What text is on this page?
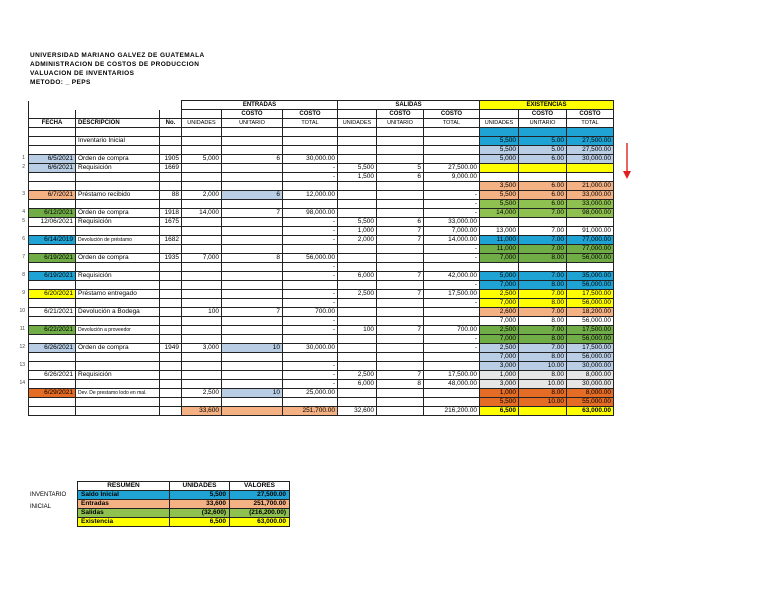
UNIVERSIDAD MARIANO GALVEZ DE GUATEMALA
ADMINISTRACION DE COSTOS DE PRODUCCION
VALUACION DE INVENTARIOS
METODO: _ PEPS
			ENTRADAS			SALIDAS			EXISTENCIAS		
				COSTO	COSTO		COSTO	COSTO		COSTO	COSTO
FECHA	DESCRIPCION	No.	UNIDADES	UNITARIO	TOTAL	UNIDADES	UNITARIO	TOTAL	UNIDADES	UNITARIO	TOTAL

	Inventario Inicial								5,500	5.00	27,500.00
									5,500	5.00	27,500.00
6/5/2021	Orden de compra	1905	5,000	6	30,000.00				5,000	6.00	30,000.00
6/6/2021	Requisición	1669			-	5,500	5	27,500.00			
					-	1,500	6	9,000.00			
									3,500	6.00	21,000.00
6/7/2021	Préstamo recibido	88	2,000	6	12,000.00			-	5,500	6.00	33,000.00
								-	5,500	6.00	33,000.00
6/12/2021	Orden de compra	1918	14,000	7	98,000.00			-	14,000	7.00	98,000.00
12/06/2021	Requisición	1675			-	5,500	6	33,000.00			
					-	1,000	7	7,000.00	13,000	7.00	91,000.00
6/14/2019	Devolución de préstamo	1682			-	2,000	7	14,000.00	11,000	7.00	77,000.00
								-	11,000	7.00	77,000.00
6/19/2021	Orden de compra	1935	7,000	8	56,000.00			-	7,000	8.00	56,000.00
					-						
6/19/2021	Requisición				-	6,000	7	42,000.00	5,000	7.00	35,000.00
								-	7,000	8.00	56,000.00
6/20/2021	Préstamo entregado				-	2,500	7	17,500.00	2,500	7.00	17,500.00
					-			-	7,000	8.00	56,000.00
6/21/2021	Devolución a Bodega		100	7	700.00				2,600	7.00	18,200.00
					-				7,000	8.00	56,000.00
6/22/2021	Devolución a proveedor				-	100	7	700.00	2,500	7.00	17,500.00
								-	7,000	8.00	56,000.00
6/26/2021	Orden de compra	1949	3,000	10	30,000.00			-	2,500	7.00	17,500.00
									7,000	8.00	56,000.00
					-				3,000	10.00	30,000.00
6/26/2021	Requisición				-	2,500	7	17,500.00	1,000	8.00	8,000.00
					-	6,000	8	48,000.00	3,000	10.00	30,000.00
6/29/2021	Dev. De prestamo lodo en mal.		2,500	10	25,000.00				1,000	8.00	8,000.00
									5,500	10.00	55,000.00
			33,600		251,700.00	32,600		216,200.00	6,500		63,000.00
1
2
3
4
5
6
7
8
9
10
11
12
13
14
INVENTARIO
INICIAL
RESUMEN	UNIDADES	VALORES
Saldo Inicial	5,500	27,500.00
Entradas	33,600	251,700.00
Salidas	(32,600)	(216,200.00)
Existencia	6,500	63,000.00
